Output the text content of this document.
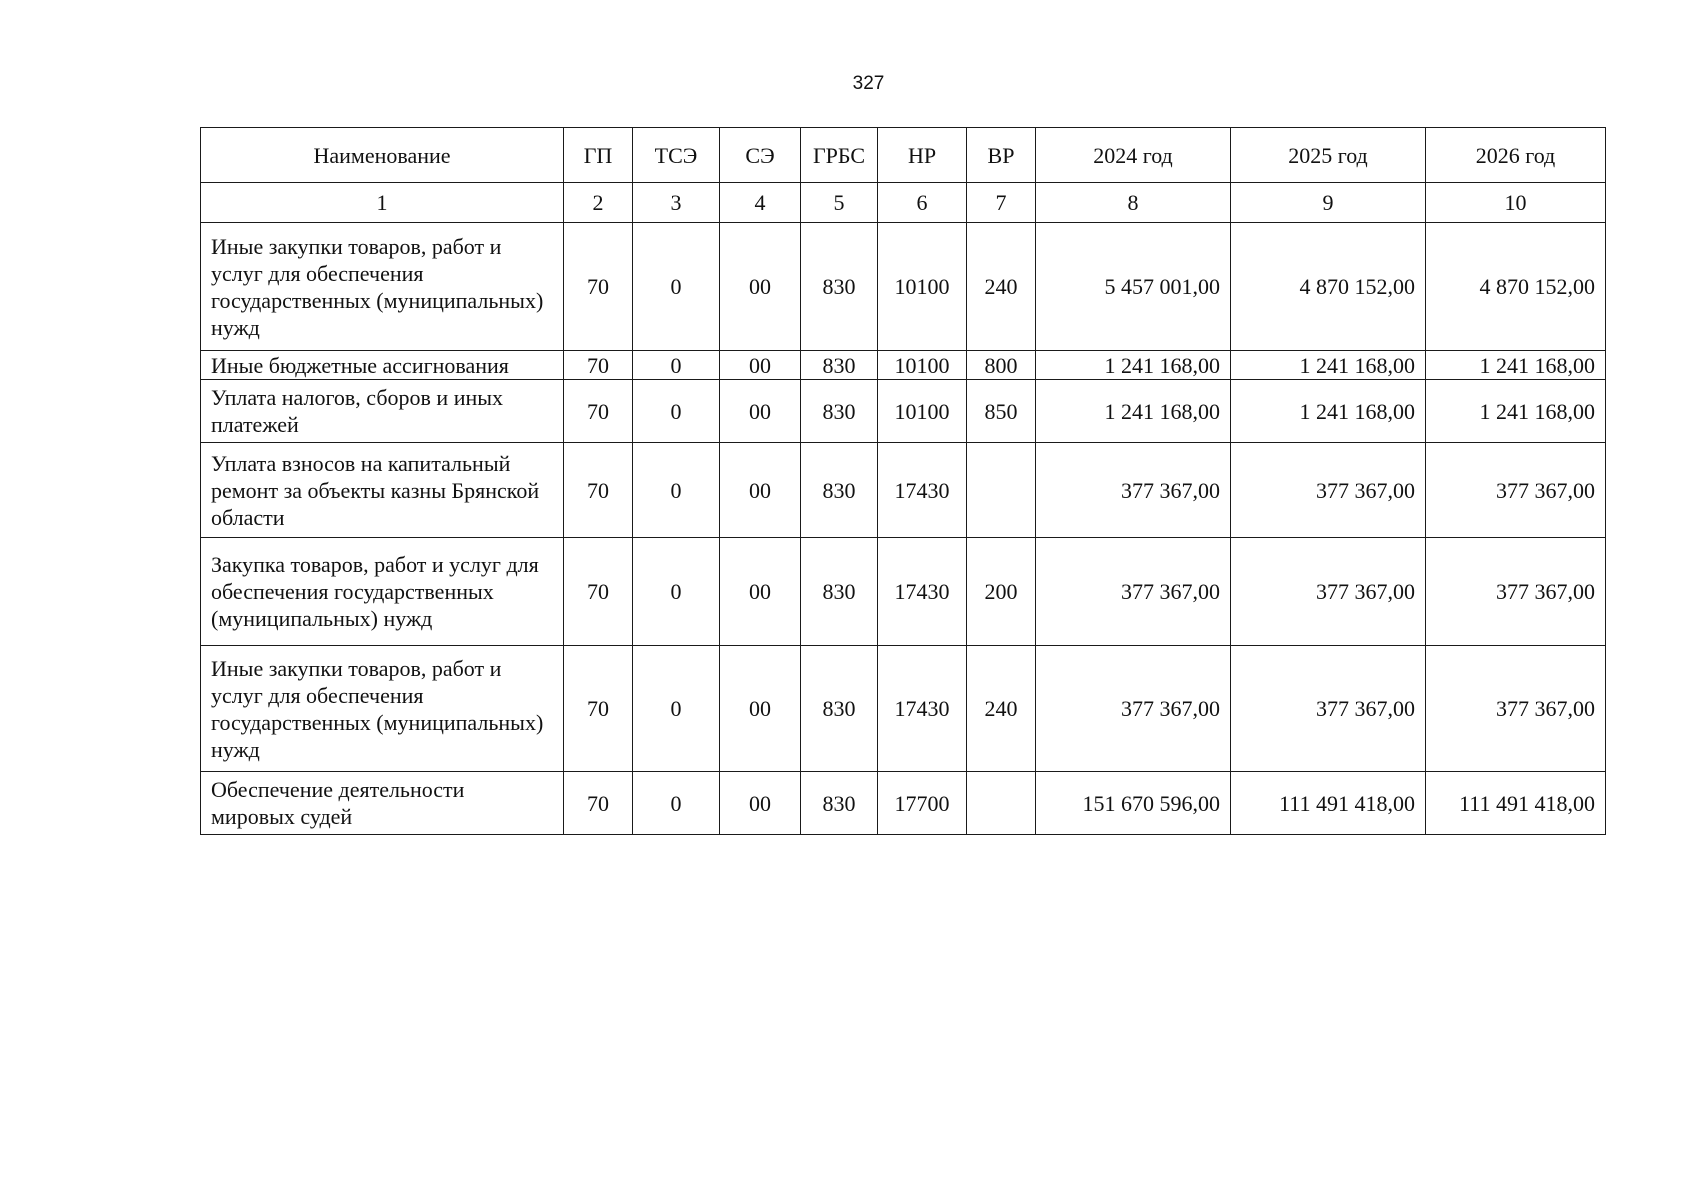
327
Наименование	ГП	ТСЭ	СЭ	ГРБС	НР	ВР	2024 год	2025 год	2026 год
1	2	3	4	5	6	7	8	9	10
Иные закупки товаров, работ и услуг для обеспечения государственных (муниципальных) нужд	70	0	00	830	10100	240	5 457 001,00	4 870 152,00	4 870 152,00
Иные бюджетные ассигнования	70	0	00	830	10100	800	1 241 168,00	1 241 168,00	1 241 168,00
Уплата налогов, сборов и иных платежей	70	0	00	830	10100	850	1 241 168,00	1 241 168,00	1 241 168,00
Уплата взносов на капитальный ремонт за объекты казны Брянской области	70	0	00	830	17430		377 367,00	377 367,00	377 367,00
Закупка товаров, работ и услуг для обеспечения государственных (муниципальных) нужд	70	0	00	830	17430	200	377 367,00	377 367,00	377 367,00
Иные закупки товаров, работ и услуг для обеспечения государственных (муниципальных) нужд	70	0	00	830	17430	240	377 367,00	377 367,00	377 367,00
Обеспечение деятельности мировых судей	70	0	00	830	17700		151 670 596,00	111 491 418,00	111 491 418,00
